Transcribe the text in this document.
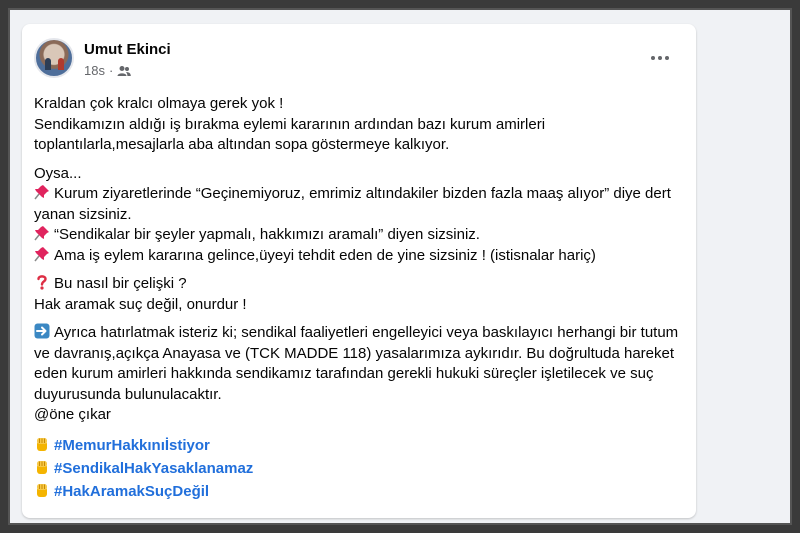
Umut Ekinci
18s ·
Kraldan çok kralcı olmaya gerek yok !
Sendikamızın aldığı iş bırakma eylemi kararının ardından bazı kurum amirleri toplantılarla,mesajlarla aba altından sopa göstermeye kalkıyor.
Oysa...
Kurum ziyaretlerinde “Geçinemiyoruz, emrimiz altındakiler bizden fazla maaş alıyor” diye dert yanan sizsiniz.
“Sendikalar bir şeyler yapmalı, hakkımızı aramalı” diyen sizsiniz.
Ama iş eylem kararına gelince,üyeyi tehdit eden de yine sizsiniz ! (istisnalar hariç)
Bu nasıl bir çelişki ?
Hak aramak suç değil, onurdur !
Ayrıca hatırlatmak isteriz ki; sendikal faaliyetleri engelleyici veya baskılayıcı herhangi bir tutum ve davranış,açıkça Anayasa ve (TCK MADDE 118) yasalarımıza aykırıdır. Bu doğrultuda hareket eden kurum amirleri hakkında sendikamız tarafından gerekli hukuki süreçler işletilecek ve suç duyurusunda bulunulacaktır.
@öne çıkar
#MemurHakkınıİstiyor
#SendikalHakYasaklanamaz
#HakAramakSuçDeğil
